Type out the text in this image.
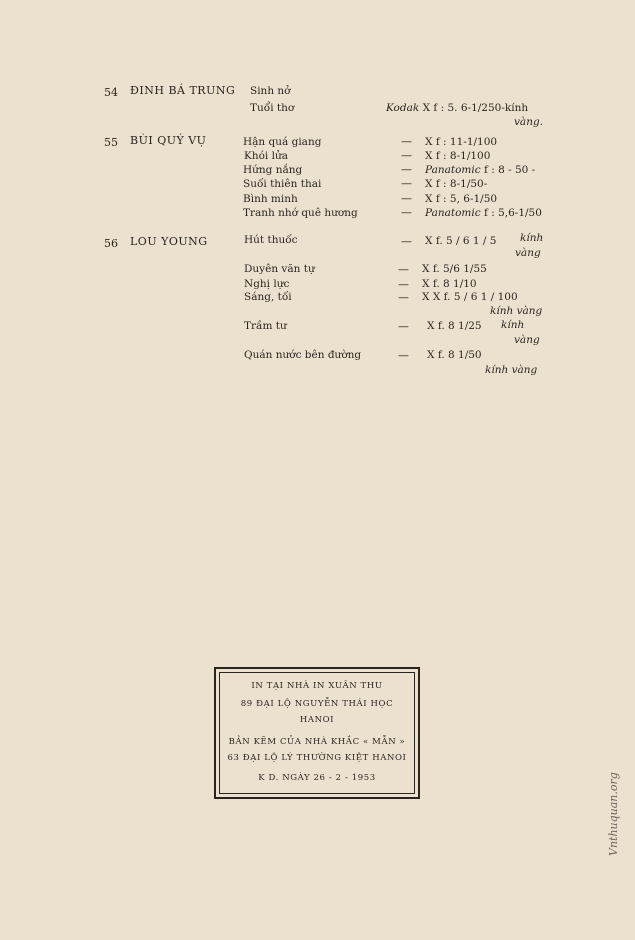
54 ĐINH BÁ TRUNG Sinh nở
Tuổi thơ	Kodak X f : 5. 6-1/250-kính
vàng.
55 BÙI QUÝ VỤ	Hận quá giang	— X f : 11-1/100
Khói lửa	— X f : 8-1/100
Hứng nắng	— Panatomic f : 8 - 50 -
Suối thiên thai	— X f : 8-1/50-
Bình minh	— X f : 5, 6-1/50
Tranh nhớ quê hương	— Panatomic f : 5,6-1/50
56 LOU YOUNG	Hút thuốc	— X f. 5 / 6 1 / 5 kính
vàng
Duyên văn tự	— X f. 5/6 1/55
Nghị lực	— X f. 8 1/10
Sáng, tối	— X X f. 5 / 6 1 / 100
kính vàng
Trầm tư	— X f. 8 1/25 kính
vàng
Quán nước bên đường	— X f. 8 1/50
kính vàng
IN TẠI NHÀ IN XUÂN THU
89 ĐẠI LỘ NGUYỄN THÁI HỌC
HANOI
BẢN KẼM CỦA NHÀ KHẮC « MẪN »
63 ĐẠI LỘ LÝ THƯỜNG KIỆT HANOI
K D. NGÀY 26 - 2 - 1953	Vnthuquan.org
